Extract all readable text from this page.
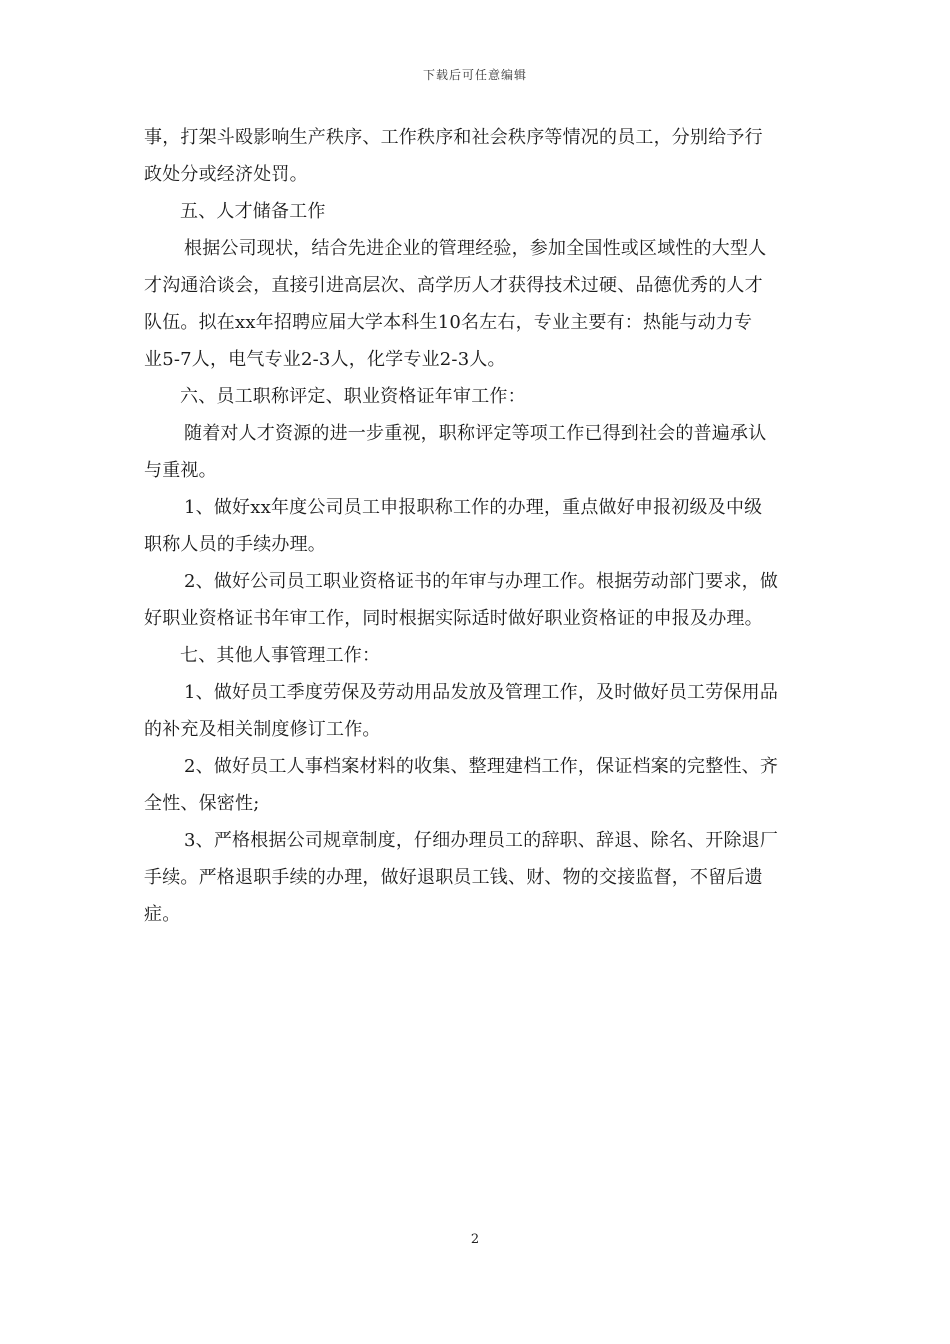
下载后可任意编辑
事，打架斗殴影响生产秩序、工作秩序和社会秩序等情况的员工，分别给予行
政处分或经济处罚。
五、人才储备工作
根据公司现状，结合先进企业的管理经验，参加全国性或区域性的大型人
才沟通洽谈会，直接引进高层次、高学历人才获得技术过硬、品德优秀的人才
队伍。拟在xx年招聘应届大学本科生10名左右，专业主要有：热能与动力专
业5-7人，电气专业2-3人，化学专业2-3人。
六、员工职称评定、职业资格证年审工作：
随着对人才资源的进一步重视，职称评定等项工作已得到社会的普遍承认
与重视。
1、做好xx年度公司员工申报职称工作的办理，重点做好申报初级及中级
职称人员的手续办理。
2、做好公司员工职业资格证书的年审与办理工作。根据劳动部门要求，做
好职业资格证书年审工作，同时根据实际适时做好职业资格证的申报及办理。
七、其他人事管理工作：
1、做好员工季度劳保及劳动用品发放及管理工作，及时做好员工劳保用品
的补充及相关制度修订工作。
2、做好员工人事档案材料的收集、整理建档工作，保证档案的完整性、齐
全性、保密性;
3、严格根据公司规章制度，仔细办理员工的辞职、辞退、除名、开除退厂
手续。严格退职手续的办理，做好退职员工钱、财、物的交接监督，不留后遗
症。
2
